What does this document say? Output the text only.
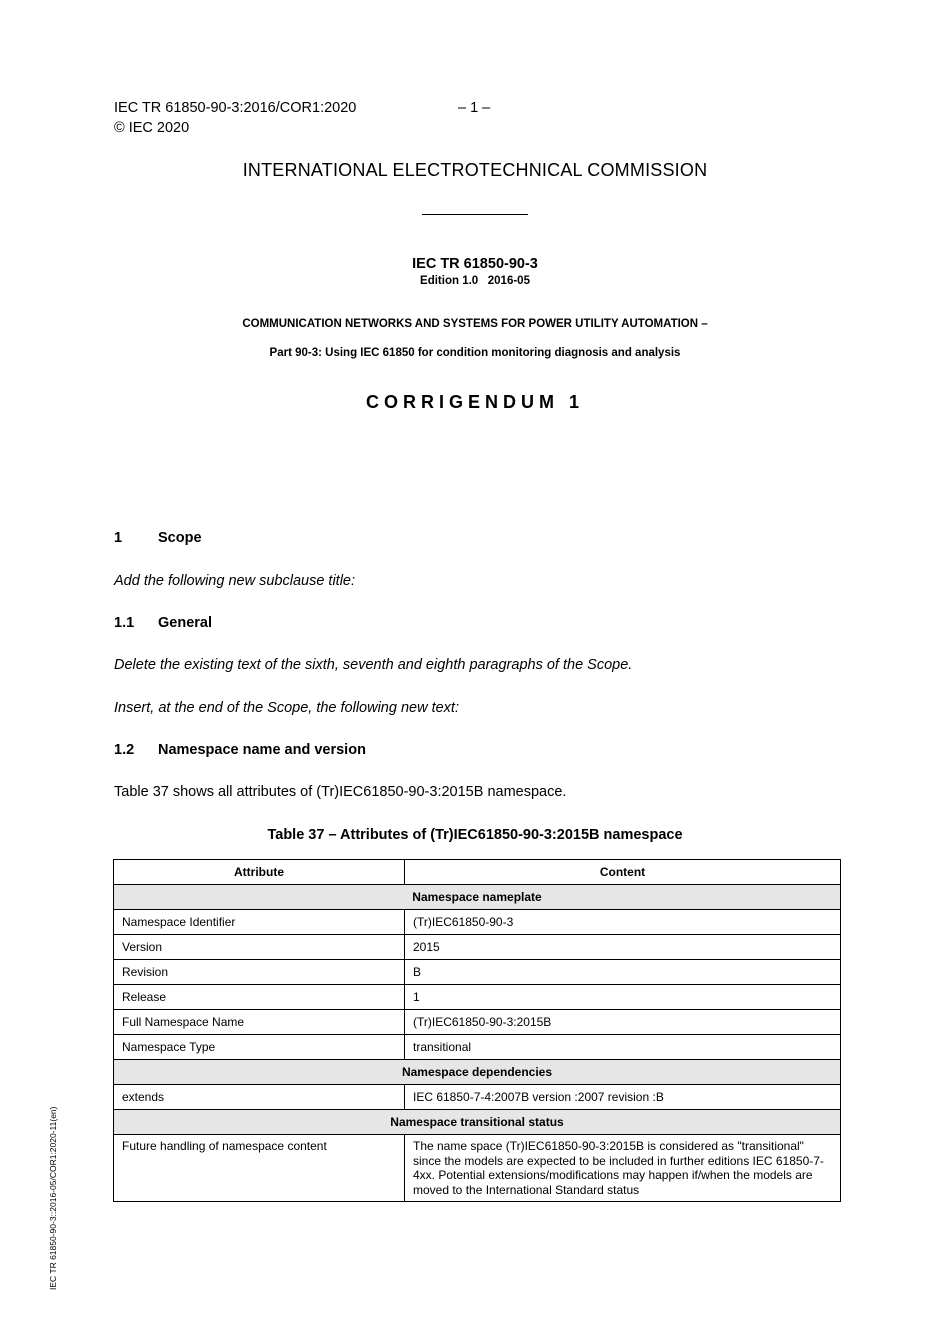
IEC TR 61850-90-3:2016/COR1:2020	– 1 –
© IEC 2020
INTERNATIONAL ELECTROTECHNICAL COMMISSION
IEC TR 61850-90-3
Edition 1.0   2016-05
COMMUNICATION NETWORKS AND SYSTEMS FOR POWER UTILITY AUTOMATION –
Part 90-3: Using IEC 61850 for condition monitoring diagnosis and analysis
CORRIGENDUM 1
1 Scope
Add the following new subclause title:
1.1 General
Delete the existing text of the sixth, seventh and eighth paragraphs of the Scope.
Insert, at the end of the Scope, the following new text:
1.2 Namespace name and version
Table 37 shows all attributes of (Tr)IEC61850-90-3:2015B namespace.
Table 37 – Attributes of (Tr)IEC61850-90-3:2015B namespace
Attribute	Content
Namespace nameplate	
Namespace Identifier	(Tr)IEC61850-90-3
Version	2015
Revision	B
Release	1
Full Namespace Name	(Tr)IEC61850-90-3:2015B
Namespace Type	transitional
Namespace dependencies	
extends	IEC 61850-7-4:2007B version :2007 revision :B
Namespace transitional status	
Future handling of namespace content	The name space (Tr)IEC61850-90-3:2015B is considered as "transitional" since the models are expected to be included in further editions IEC 61850-7-4xx. Potential extensions/modifications may happen if/when the models are moved to the International Standard status
IEC TR 61850-90-3::2016-05/COR1:2020-11(en)
